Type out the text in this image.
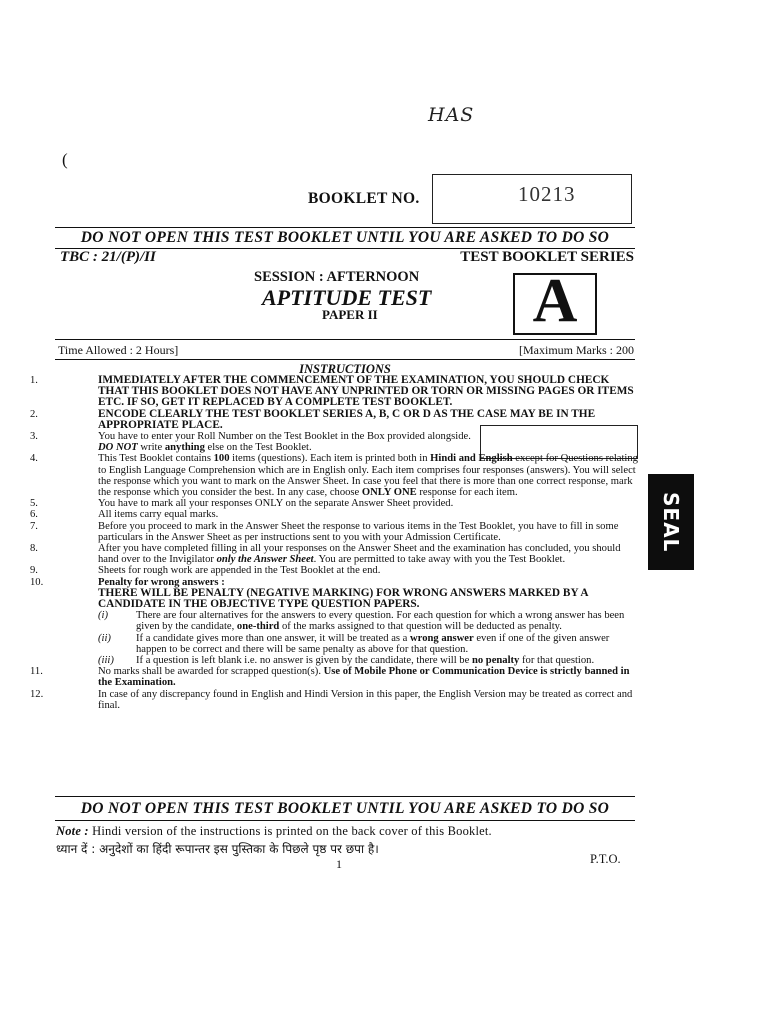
HAS
(
BOOKLET NO.	10213
DO NOT OPEN THIS TEST BOOKLET UNTIL YOU ARE ASKED TO DO SO
TBC : 21/(P)/II	TEST BOOKLET SERIES
SESSION : AFTERNOON
APTITUDE TEST
PAPER II	A
Time Allowed : 2 Hours]	[Maximum Marks : 200
INSTRUCTIONS
1.	IMMEDIATELY AFTER THE COMMENCEMENT OF THE EXAMINATION, YOU SHOULD CHECK THAT THIS BOOKLET DOES NOT HAVE ANY UNPRINTED OR TORN OR MISSING PAGES OR ITEMS ETC. IF SO, GET IT REPLACED BY A COMPLETE TEST BOOKLET.
2.	ENCODE CLEARLY THE TEST BOOKLET SERIES A, B, C OR D AS THE CASE MAY BE IN THE APPROPRIATE PLACE.
3.	You have to enter your Roll Number on the Test Booklet in the Box provided alongside. DO NOT write anything else on the Test Booklet.
4.	This Test Booklet contains 100 items (questions). Each item is printed both in Hindi and English except for Questions relating to English Language Comprehension which are in English only. Each item comprises four responses (answers). You will select the response which you want to mark on the Answer Sheet. In case you feel that there is more than one correct response, mark the response which you consider the best. In any case, choose ONLY ONE response for each item.
5.	You have to mark all your responses ONLY on the separate Answer Sheet provided.
6.	All items carry equal marks.
7.	Before you proceed to mark in the Answer Sheet the response to various items in the Test Booklet, you have to fill in some particulars in the Answer Sheet as per instructions sent to you with your Admission Certificate.
8.	After you have completed filling in all your responses on the Answer Sheet and the examination has concluded, you should hand over to the Invigilator only the Answer Sheet. You are permitted to take away with you the Test Booklet.
9.	Sheets for rough work are appended in the Test Booklet at the end.
10.	Penalty for wrong answers :
THERE WILL BE PENALTY (NEGATIVE MARKING) FOR WRONG ANSWERS MARKED BY A CANDIDATE IN THE OBJECTIVE TYPE QUESTION PAPERS.
(i)	There are four alternatives for the answers to every question. For each question for which a wrong answer has been given by the candidate, one-third of the marks assigned to that question will be deducted as penalty.
(ii) If a candidate gives more than one answer, it will be treated as a wrong answer even if one of the given answer happen to be correct and there will be same penalty as above for that question.
(iii) If a question is left blank i.e. no answer is given by the candidate, there will be no penalty for that question.
11.	No marks shall be awarded for scrapped question(s). Use of Mobile Phone or Communication Device is strictly banned in the Examination.
12.	In case of any discrepancy found in English and Hindi Version in this paper, the English Version may be treated as correct and final.
DO NOT OPEN THIS TEST BOOKLET UNTIL YOU ARE ASKED TO DO SO
Note : Hindi version of the instructions is printed on the back cover of this Booklet.
ध्यान दें : अनुदेशों का हिंदी रूपान्तर इस पुस्तिका के पिछले पृष्ठ पर छपा है।
1	P.T.O.
SEAL
